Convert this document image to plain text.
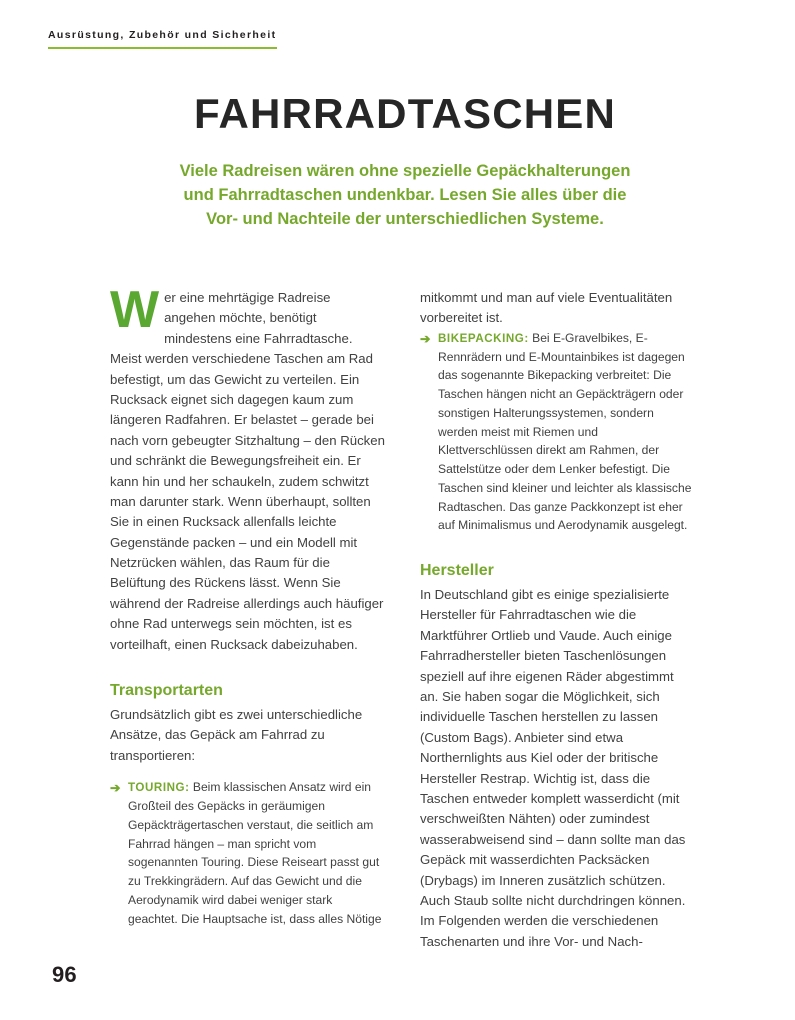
Ausrüstung, Zubehör und Sicherheit
FAHRRADTASCHEN
Viele Radreisen wären ohne spezielle Gepäckhalterungen und Fahrradtaschen undenkbar. Lesen Sie alles über die Vor- und Nachteile der unterschiedlichen Systeme.

Wer eine mehrtägige Radreise angehen möchte, benötigt mindestens eine Fahrradtasche. Meist werden verschiedene Taschen am Rad befestigt, um das Gewicht zu verteilen. Ein Rucksack eignet sich dagegen kaum zum längeren Radfahren. Er belastet – gerade bei nach vorn gebeugter Sitzhaltung – den Rücken und schränkt die Bewegungsfreiheit ein. Er kann hin und her schaukeln, zudem schwitzt man darunter stark. Wenn überhaupt, sollten Sie in einen Rucksack allenfalls leichte Gegenstände packen – und ein Modell mit Netzrücken wählen, das Raum für die Belüftung des Rückens lässt. Wenn Sie während der Radreise allerdings auch häufiger ohne Rad unterwegs sein möchten, ist es vorteilhaft, einen Rucksack dabeizuhaben.

Transportarten

Grundsätzlich gibt es zwei unterschiedliche Ansätze, das Gepäck am Fahrrad zu transportieren:

➔ TOURING: Beim klassischen Ansatz wird ein Großteil des Gepäcks in geräumigen Gepäckträgertaschen verstaut, die seitlich am Fahrrad hängen – man spricht vom sogenannten Touring. Diese Reiseart passt gut zu Trekkingrädern. Auf das Gewicht und die Aerodynamik wird dabei weniger stark geachtet. Die Hauptsache ist, dass alles Nötige

mitkommt und man auf viele Eventualitäten vorbereitet ist.

➔ BIKEPACKING: Bei E-Gravelbikes, E-Rennrädern und E-Mountainbikes ist dagegen das sogenannte Bikepacking verbreitet: Die Taschen hängen nicht an Gepäckträgern oder sonstigen Halterungssystemen, sondern werden meist mit Riemen und Klettverschlüssen direkt am Rahmen, der Sattelstütze oder dem Lenker befestigt. Die Taschen sind kleiner und leichter als klassische Radtaschen. Das ganze Packkonzept ist eher auf Minimalismus und Aerodynamik ausgelegt.
Hersteller

In Deutschland gibt es einige spezialisierte Hersteller für Fahrradtaschen wie die Marktführer Ortlieb und Vaude. Auch einige Fahrradhersteller bieten Taschenlösungen speziell auf ihre eigenen Räder abgestimmt an. Sie haben sogar die Möglichkeit, sich individuelle Taschen herstellen zu lassen (Custom Bags). Anbieter sind etwa Northernlights aus Kiel oder der britische Hersteller Restrap. Wichtig ist, dass die Taschen entweder komplett wasserdicht (mit verschweißten Nähten) oder zumindest wasserabweisend sind – dann sollte man das Gepäck mit wasserdichten Packsäcken (Drybags) im Inneren zusätzlich schützen. Auch Staub sollte nicht durchdringen können. Im Folgenden werden die verschiedenen Taschenarten und ihre Vor- und Nach-

96
